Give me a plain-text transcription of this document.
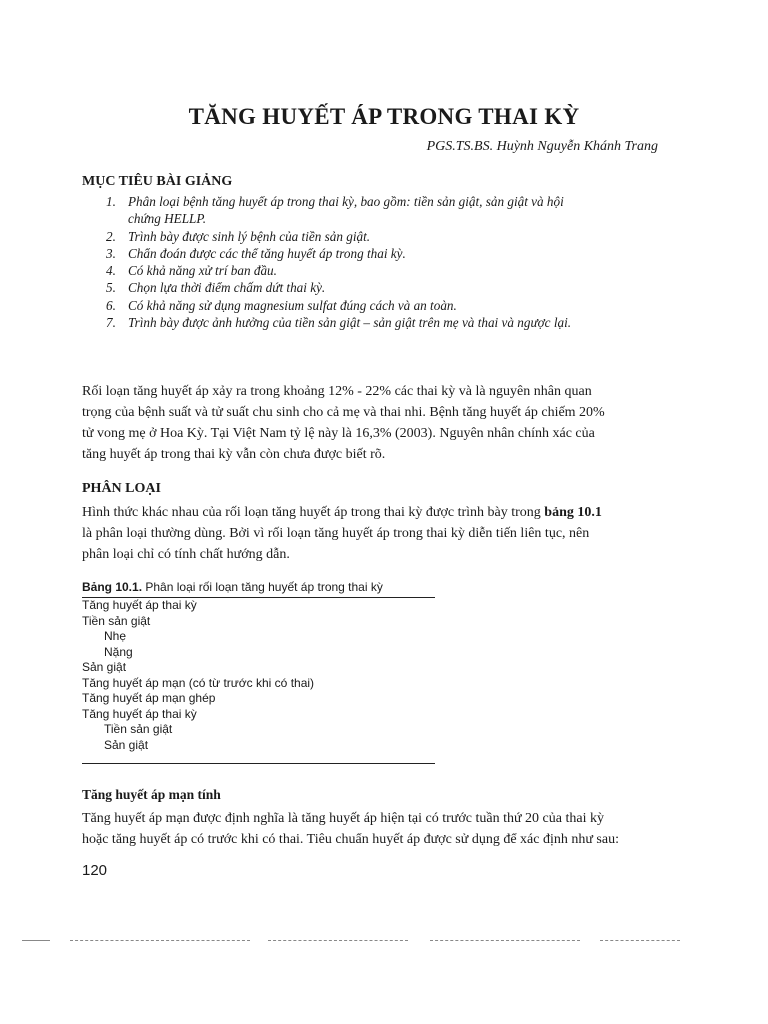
TĂNG HUYẾT ÁP TRONG THAI KỲ
PGS.TS.BS. Huỳnh Nguyễn Khánh Trang
MỤC TIÊU BÀI GIẢNG
1. Phân loại bệnh tăng huyết áp trong thai kỳ, bao gồm: tiền sản giật, sản giật và hội
chứng HELLP.
2. Trình bày được sinh lý bệnh của tiền sản giật.
3. Chẩn đoán được các thể tăng huyết áp trong thai kỳ.
4. Có khả năng xử trí ban đầu.
5. Chọn lựa thời điểm chấm dứt thai kỳ.
6. Có khả năng sử dụng magnesium sulfat đúng cách và an toàn.
7. Trình bày được ảnh hưởng của tiền sản giật – sản giật trên mẹ và thai và ngược lại.
Rối loạn tăng huyết áp xảy ra trong khoảng 12% - 22% các thai kỳ và là nguyên nhân quan
trọng của bệnh suất và tử suất chu sinh cho cả mẹ và thai nhi. Bệnh tăng huyết áp chiếm 20%
tử vong mẹ ở Hoa Kỳ. Tại Việt Nam tỷ lệ này là 16,3% (2003). Nguyên nhân chính xác của
tăng huyết áp trong thai kỳ vẫn còn chưa được biết rõ.
PHÂN LOẠI
Hình thức khác nhau của rối loạn tăng huyết áp trong thai kỳ được trình bày trong bảng 10.1
là phân loại thường dùng. Bởi vì rối loạn tăng huyết áp trong thai kỳ diễn tiến liên tục, nên
phân loại chỉ có tính chất hướng dẫn.
Bảng 10.1. Phân loại rối loạn tăng huyết áp trong thai kỳ
Tăng huyết áp thai kỳ
Tiền sản giật
Nhẹ
Nặng
Sản giật
Tăng huyết áp mạn (có từ trước khi có thai)
Tăng huyết áp mạn ghép
Tăng huyết áp thai kỳ
Tiền sản giật
Sản giật
Tăng huyết áp mạn tính
Tăng huyết áp mạn được định nghĩa là tăng huyết áp hiện tại có trước tuần thứ 20 của thai kỳ
hoặc tăng huyết áp có trước khi có thai. Tiêu chuẩn huyết áp được sử dụng để xác định như sau:
120
